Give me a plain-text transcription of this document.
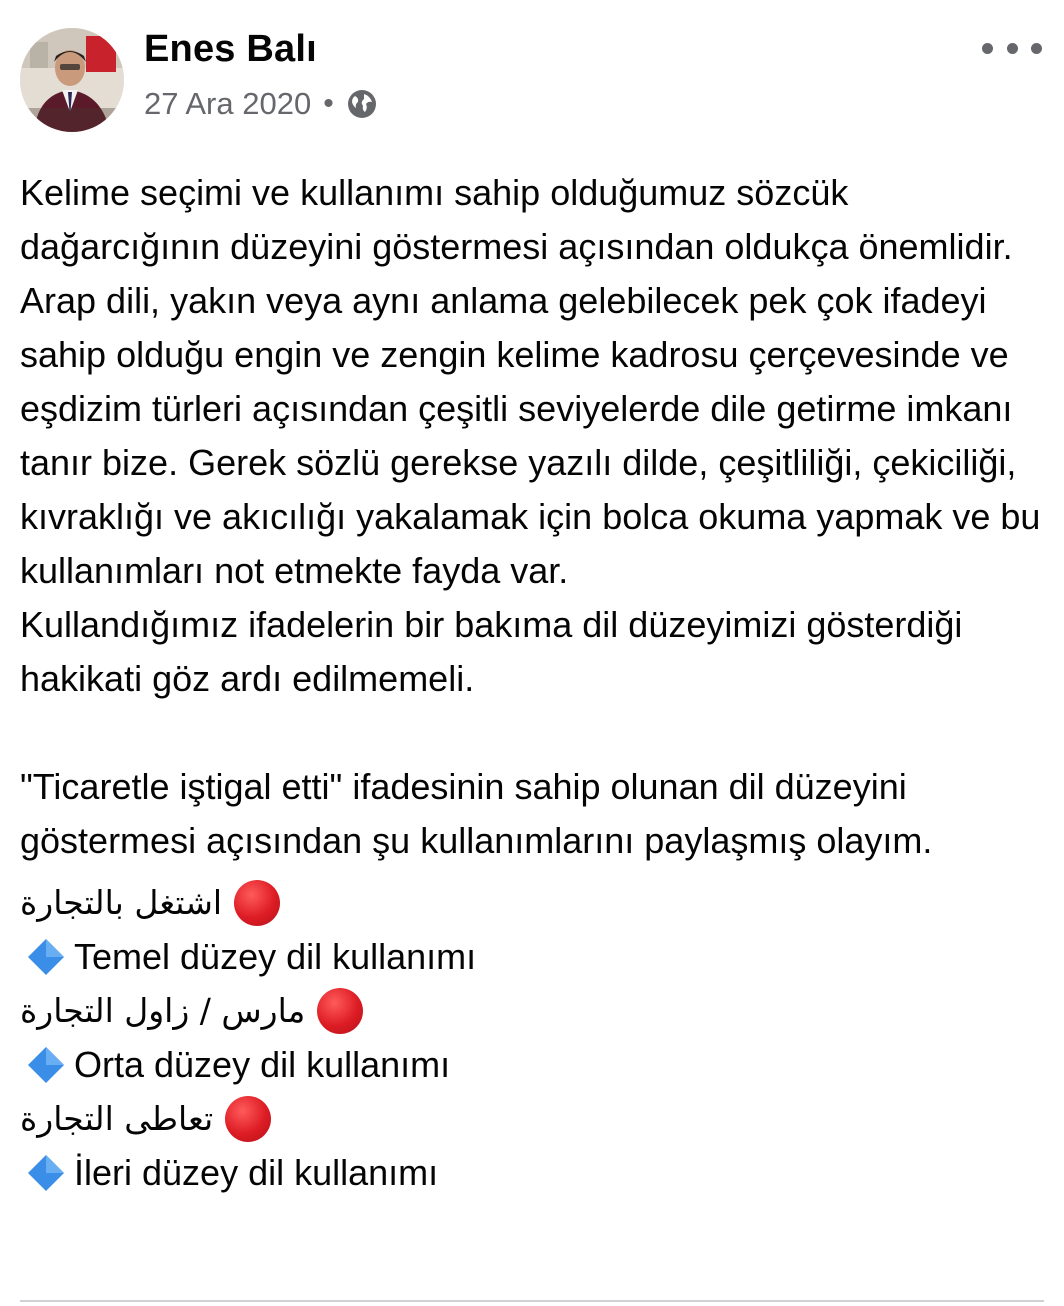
Enes Balı
27 Ara 2020 •

Kelime seçimi ve kullanımı sahip olduğumuz sözcük dağarcığının düzeyini göstermesi açısından oldukça önemlidir. Arap dili, yakın veya aynı anlama gelebilecek pek çok ifadeyi sahip olduğu engin ve zengin kelime kadrosu çerçevesinde ve eşdizim türleri açısından çeşitli seviyelerde dile getirme imkanı tanır bize. Gerek sözlü gerekse yazılı dilde, çeşitliliği, çekiciliği, kıvraklığı ve akıcılığı yakalamak için bolca okuma yapmak ve bu kullanımları not etmekte fayda var.

Kullandığımız ifadelerin bir bakıma dil düzeyimizi gösterdiği hakikati göz ardı edilmemeli.

"Ticaretle iştigal etti" ifadesinin sahip olunan dil düzeyini göstermesi açısından şu kullanımlarını paylaşmış olayım.

اشتغل بالتجارة
Temel düzey dil kullanımı
مارس / زاول التجارة
Orta düzey dil kullanımı
تعاطى التجارة
İleri düzey dil kullanımı
